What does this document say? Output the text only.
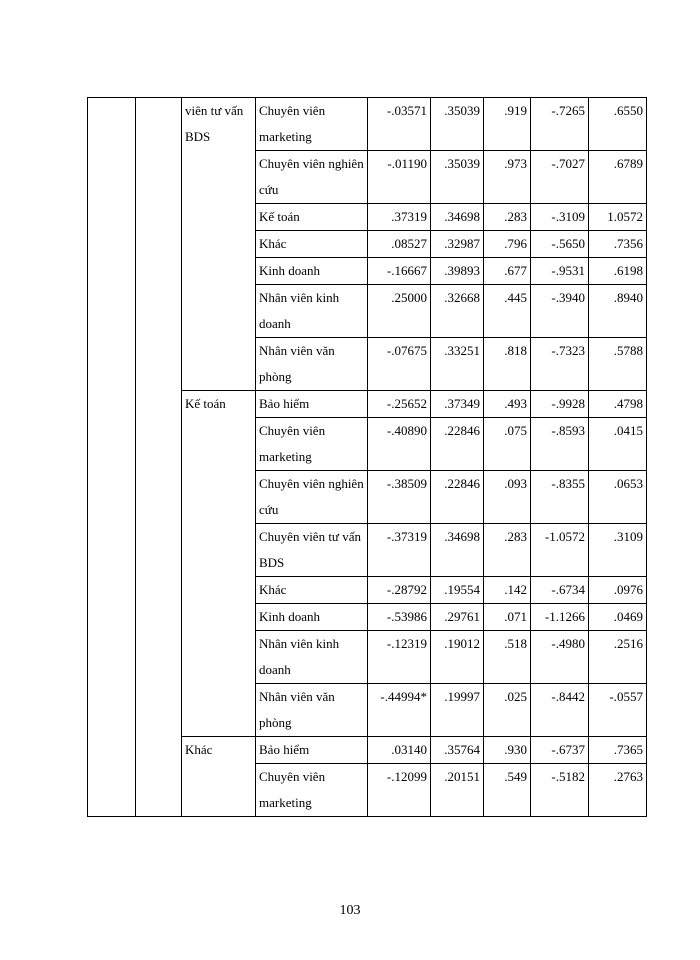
		viên tư vấn BDS	Chuyên viên marketing	-.03571	.35039	.919	-.7265	.6550
			Chuyên viên nghiên cứu	-.01190	.35039	.973	-.7027	.6789
			Kế toán	.37319	.34698	.283	-.3109	1.0572
			Khác	.08527	.32987	.796	-.5650	.7356
			Kinh doanh	-.16667	.39893	.677	-.9531	.6198
			Nhân viên kinh doanh	.25000	.32668	.445	-.3940	.8940
			Nhân viên văn phòng	-.07675	.33251	.818	-.7323	.5788
		Kế toán	Bảo hiểm	-.25652	.37349	.493	-.9928	.4798
			Chuyên viên marketing	-.40890	.22846	.075	-.8593	.0415
			Chuyên viên nghiên cứu	-.38509	.22846	.093	-.8355	.0653
			Chuyên viên tư vấn BDS	-.37319	.34698	.283	-1.0572	.3109
			Khác	-.28792	.19554	.142	-.6734	.0976
			Kinh doanh	-.53986	.29761	.071	-1.1266	.0469
			Nhân viên kinh doanh	-.12319	.19012	.518	-.4980	.2516
			Nhân viên văn phòng	-.44994*	.19997	.025	-.8442	-.0557
		Khác	Bảo hiểm	.03140	.35764	.930	-.6737	.7365
			Chuyên viên marketing	-.12099	.20151	.549	-.5182	.2763
103
